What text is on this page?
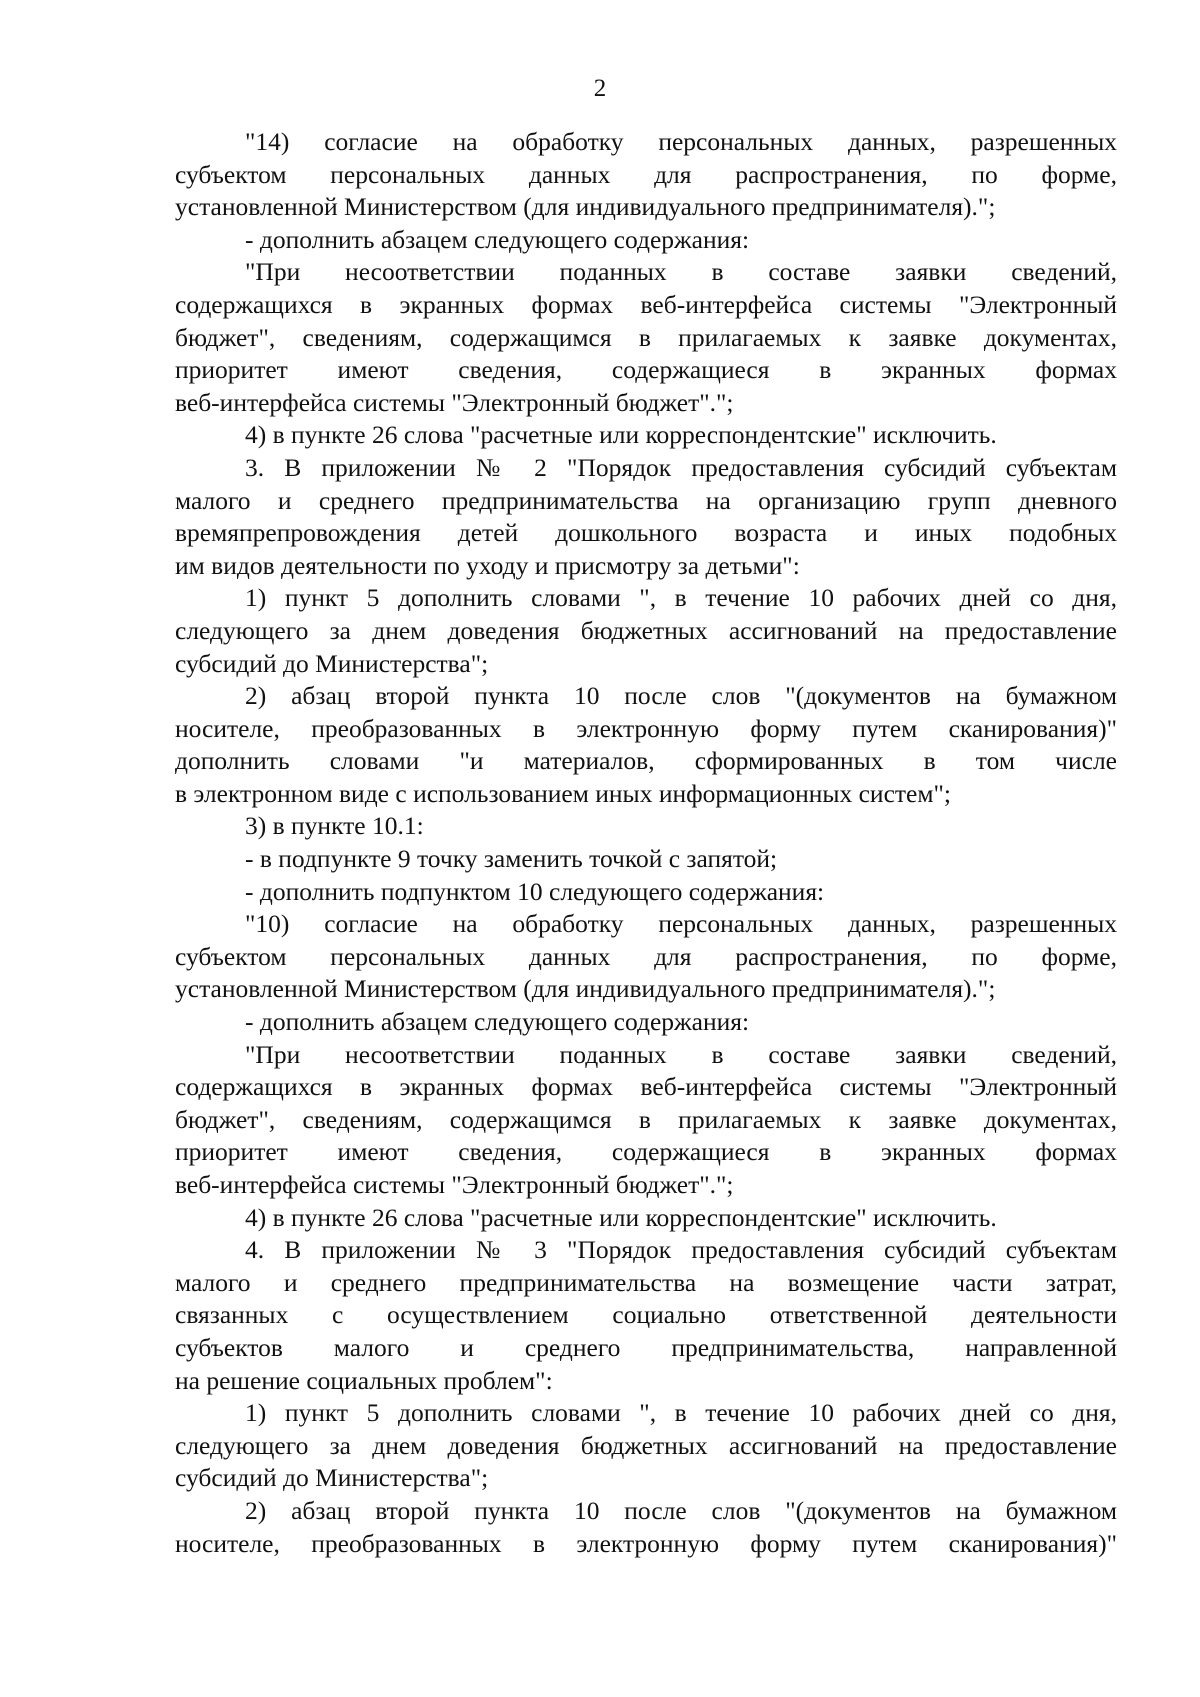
2
"14) согласие на обработку персональных данных, разрешенных
субъектом персональных данных для распространения, по форме,
установленной Министерством (для индивидуального предпринимателя).";
- дополнить абзацем следующего содержания:
"При несоответствии поданных в составе заявки сведений,
содержащихся в экранных формах веб-интерфейса системы "Электронный
бюджет", сведениям, содержащимся в прилагаемых к заявке документах,
приоритет имеют сведения, содержащиеся в экранных формах
веб-интерфейса системы "Электронный бюджет".";
4) в пункте 26 слова "расчетные или корреспондентские" исключить.
3. В приложении № 2 "Порядок предоставления субсидий субъектам
малого и среднего предпринимательства на организацию групп дневного
времяпрепровождения детей дошкольного возраста и иных подобных
им видов деятельности по уходу и присмотру за детьми":
1) пункт 5 дополнить словами ", в течение 10 рабочих дней со дня,
следующего за днем доведения бюджетных ассигнований на предоставление
субсидий до Министерства";
2) абзац второй пункта 10 после слов "(документов на бумажном
носителе, преобразованных в электронную форму путем сканирования)"
дополнить словами "и материалов, сформированных в том числе
в электронном виде с использованием иных информационных систем";
3) в пункте 10.1:
- в подпункте 9 точку заменить точкой с запятой;
- дополнить подпунктом 10 следующего содержания:
"10) согласие на обработку персональных данных, разрешенных
субъектом персональных данных для распространения, по форме,
установленной Министерством (для индивидуального предпринимателя).";
- дополнить абзацем следующего содержания:
"При несоответствии поданных в составе заявки сведений,
содержащихся в экранных формах веб-интерфейса системы "Электронный
бюджет", сведениям, содержащимся в прилагаемых к заявке документах,
приоритет имеют сведения, содержащиеся в экранных формах
веб-интерфейса системы "Электронный бюджет".";
4) в пункте 26 слова "расчетные или корреспондентские" исключить.
4. В приложении № 3 "Порядок предоставления субсидий субъектам
малого и среднего предпринимательства на возмещение части затрат,
связанных с осуществлением социально ответственной деятельности
субъектов малого и среднего предпринимательства, направленной
на решение социальных проблем":
1) пункт 5 дополнить словами ", в течение 10 рабочих дней со дня,
следующего за днем доведения бюджетных ассигнований на предоставление
субсидий до Министерства";
2) абзац второй пункта 10 после слов "(документов на бумажном
носителе, преобразованных в электронную форму путем сканирования)"
